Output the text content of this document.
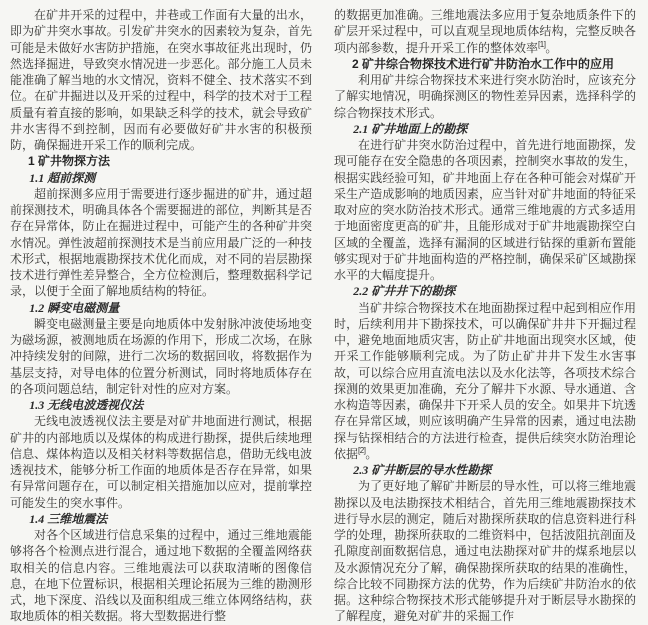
在矿井开采的过程中，井巷或工作面有大量的出水，即为矿井突水事故。引发矿井突水的因素较为复杂，首先可能是未做好水害防护措施，在突水事故征兆出现时，仍然选择掘进，导致突水情况进一步恶化。部分施工人员未能准确了解当地的水文情况，资料不健全、技术落实不到位。在矿井掘进以及开采的过程中，科学的技术对于工程质量有着直接的影响，如果缺乏科学的技术，就会导致矿井水害得不到控制，因而有必要做好矿井水害的积极预防，确保掘进开采工作的顺利完成。

1 矿井物探方法
1.1 超前探测

超前探测多应用于需要进行逐步掘进的矿井，通过超前探测技术，明确具体各个需要掘进的部位，判断其是否存在异常体，防止在掘进过程中，可能产生的各种矿井突水情况。弹性波超前探测技术是当前应用最广泛的一种技术形式，根据地震勘探技术优化而成，对不同的岩层勘探技术进行弹性差异整合，全方位检测后，整理数据科学记录，以便于全面了解地质结构的特征。

1.2 瞬变电磁测量

瞬变电磁测量主要是向地质体中发射脉冲波使场地变为磁场源，被测地质在场源的作用下，形成二次场，在脉冲持续发射的间隙，进行二次场的数据回收，将数据作为基层支持，对导电体的位置分析测试，同时将地质体存在的各项问题总结，制定针对性的应对方案。

1.3 无线电波透视仪法

无线电波透视仪法主要是对矿井地面进行测试，根据矿井的内部地质以及煤体的构成进行勘探，提供后续地理信息、煤体构造以及相关材料等数据信息，借助无线电波透视技术，能够分析工作面的地质体是否存在异常，如果有异常问题存在，可以制定相关措施加以应对，提前掌控可能发生的突水事件。

1.4 三维地震法

对各个区域进行信息采集的过程中，通过三维地震能够将各个检测点进行混合，通过地下数据的全覆盖网络获取相关的信息内容。三维地震法可以获取清晰的图像信息，在地下位置标识，根据相关理论拓展为三维的勘测形式，地下深度、沿线以及面积组成三维立体网络结构，获取地质体的相关数据。将大型数据进行整

的数据更加准确。三维地震法多应用于复杂地质条件下的矿层开采过程中，可以直观呈现地质体结构，完整反映各项内部参数，提升开采工作的整体效率[1]。

2 矿井综合物探技术进行矿井防治水工作中的应用

利用矿井综合物探技术来进行突水防治时，应该充分了解实地情况，明确探测区的物性差异因素，选择科学的综合物探技术形式。

2.1 矿井地面上的勘探

在进行矿井突水防治过程中，首先进行地面勘探，发现可能存在安全隐患的各项因素，控制突水事故的发生，根据实践经验可知，矿井地面上存在各种可能会对煤矿开采生产造成影响的地质因素，应当针对矿井地面的特征采取对应的突水防治技术形式。通常三维地震的方式多适用于地面密度更高的矿井，且能形成对于矿井地震勘探空白区域的全覆盖，选择有漏洞的区域进行钻探的重新布置能够实现对于矿井地面构造的严格控制，确保采矿区域勘探水平的大幅度提升。

2.2 矿井井下的勘探

当矿井综合物探技术在地面勘探过程中起到相应作用时，后续利用井下勘探技术，可以确保矿井井下开掘过程中，避免地面地质灾害，防止矿井地面出现突水区域，使开采工作能够顺利完成。为了防止矿井井下发生水害事故，可以综合应用直流电法以及水化法等，各项技术综合探测的效果更加准确，充分了解井下水源、导水通道、含水构造等因素，确保井下开采人员的安全。如果井下坑透存在异常区域，则应该明确产生异常的因素，通过电法勘探与钻探相结合的方法进行检查，提供后续突水防治理论依据[2]。

2.3 矿井断层的导水性勘探

为了更好地了解矿井断层的导水性，可以将三维地震勘探以及电法勘探技术相结合，首先用三维地震勘探技术进行导水层的测定，随后对勘探所获取的信息资料进行科学的处理，勘探所获取的二维资料中，包括波阻抗剖面及孔隙度剖面数据信息，通过电法勘探对矿井的煤系地层以及水源情况充分了解，确保勘探所获取的结果的准确性，综合比较不同勘探方法的优势，作为后续矿井防治水的依据。这种综合物探技术形式能够提升对于断层导水勘探的了解程度，避免对矿井的采掘工作
